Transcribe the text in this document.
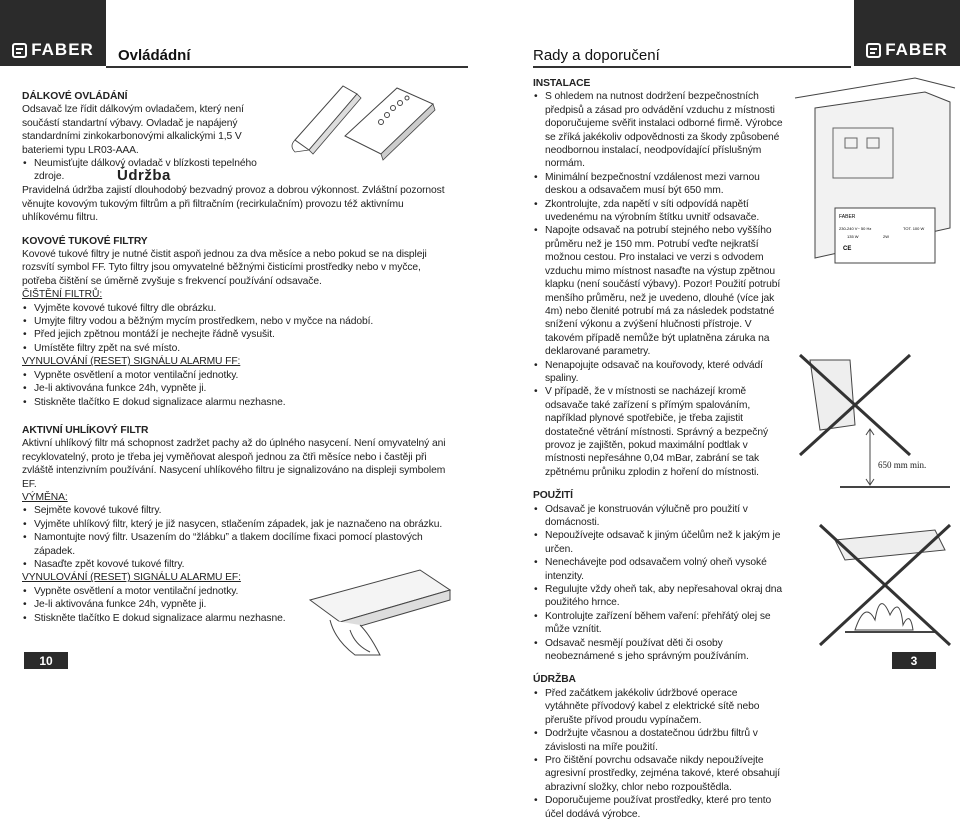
FABER Ovládádní	FABER
Rady a doporučení

DÁLKOVÉ OVLÁDÁNÍ

Odsavač lze řídit dálkovým ovladačem, který není součástí standartní výbavy. Ovladač je napájený standardními zinkokarbonovými alkalickými 1,5 V bateriemi typu LR03-AAA.

• Neumisťujte dálkový ovladač v blízkosti tepelného zdroje.	Údržba

Pravidelná údržba zajistí dlouhodobý bezvadný provoz a dobrou výkonnost. Zvláštní pozornost věnujte kovovým tukovým filtrům a při filtračním (recirkulačním) provozu též aktivnímu uhlíkovému filtru.

KOVOVÉ TUKOVÉ FILTRY

Kovové tukové filtry je nutné čistit aspoň jednou za dva měsíce a nebo pokud se na displeji rozsvítí symbol FF. Tyto filtry jsou omyvatelné běžnými čisticími prostředky nebo v myčce, potřeba čištění se úměrně zvyšuje s frekvencí používání odsavače.

ČIŠTĚNÍ FILTRŮ:

• Vyjměte kovové tukové filtry dle obrázku.
• Umyjte filtry vodou a běžným mycím prostředkem, nebo v myčce na nádobí.
• Před jejich zpětnou montáží je nechejte řádně vysušit.
• Umístěte filtry zpět na své místo.

VYNULOVÁNÍ (RESET) SIGNÁLU ALARMU FF:

• Vypněte osvětlení a motor ventilační jednotky.
• Je-li aktivována funkce 24h, vypněte ji.
• Stiskněte tlačítko E dokud signalizace alarmu nezhasne.

AKTIVNÍ UHLÍKOVÝ FILTR

Aktivní uhlíkový filtr má schopnost zadržet pachy až do úplného nasycení. Není omyvatelný ani recyklovatelný, proto je třeba jej vyměňovat alespoň jednou za čtři měsíce nebo i častěji při zvláště intenzivním používání. Nasycení uhlíkového filtru je signalizováno na displeji symbolem EF.

VÝMĚNA:

• Sejměte kovové tukové filtry.
• Vyjměte uhlíkový filtr, který je již nasycen, stlačením západek, jak je naznačeno na obrázku.
• Namontujte nový filtr. Usazením do “žlábku” a tlakem docílíme fixaci pomocí plastových západek.
• Nasaďte zpět kovové tukové filtry.

VYNULOVÁNÍ (RESET) SIGNÁLU ALARMU EF:

• Vypněte osvětlení a motor ventilační jednotky.
• Je-li aktivována funkce 24h, vypněte ji.
• Stiskněte tlačítko E dokud signalizace alarmu nezhasne.

INSTALACE

• S ohledem na nutnost dodržení bezpečnostních předpisů a zásad pro odvádění vzduchu z místnosti doporučujeme svěřit instalaci odborné firmě. Výrobce se zříká jakékoliv odpovědnosti za škody způsobené neodbornou instalací, neodpovídající příslušným normám.
• Minimální bezpečnostní vzdálenost mezi varnou deskou a odsavačem musí být 650 mm.
• Zkontrolujte, zda napětí v síti odpovídá napětí uvedenému na výrobním štítku uvnitř odsavače.
• Napojte odsavač na potrubí stejného nebo vyššího průměru než je 150 mm. Potrubí veďte nejkratší možnou cestou. Pro instalaci ve verzi s odvodem vzduchu mimo místnost nasaďte na výstup zpětnou klapku (není součástí výbavy). Pozor! Použití potrubí menšího průměru, než je uvedeno, dlouhé (více jak 4m) nebo členité potrubí má za následek podstatné snížení výkonu a zvýšení hlučnosti přístroje. V takovém případě nemůže být uplatněna záruka na deklarované parametry.
• Nenapojujte odsavač na kouřovody, které odvádí spaliny.
• V případě, že v místnosti se nacházejí kromě odsavače také zařízení s přímým spalováním, například plynové spotřebiče, je třeba zajistit dostatečné větrání místnosti. Správný a bezpečný provoz je zajištěn, pokud maximální podtlak v místnosti nepřesáhne 0,04 mBar, zabrání se tak zpětnému průniku zplodin z hoření do místnosti.

POUŽITÍ

• Odsavač je konstruován výlučně pro použití v domácnosti.
• Nepoužívejte odsavač k jiným účelům než k jakým je určen.
• Nenechávejte pod odsavačem volný oheň vysoké intenzity.
• Regulujte vždy oheň tak, aby nepřesahoval okraj dna použitého hrnce.
• Kontrolujte zařízení během vaření: přehřátý olej se může vznítit.
• Odsavač nesmějí používat děti či osoby neobeznámené s jeho správným používáním.

ÚDRŽBA

• Před začátkem jakékoliv údržbové operace vytáhněte přívodový kabel z elektrické sítě nebo přerušte přívod proudu vypínačem.
• Dodržujte včasnou a dostatečnou údržbu filtrů v závislosti na míře použití.
• Pro čištění povrchu odsavače nikdy nepoužívejte agresivní prostředky, zejména takové, které obsahují abrazivní složky, chlor nebo rozpouštědla.
• Doporučujeme používat prostředky, které pro tento účel dodává výrobce.
FABER
230-240 V~ 50 Hz	TOT. 100 W
135 W	2W
CE
650 mm min.
10	3
